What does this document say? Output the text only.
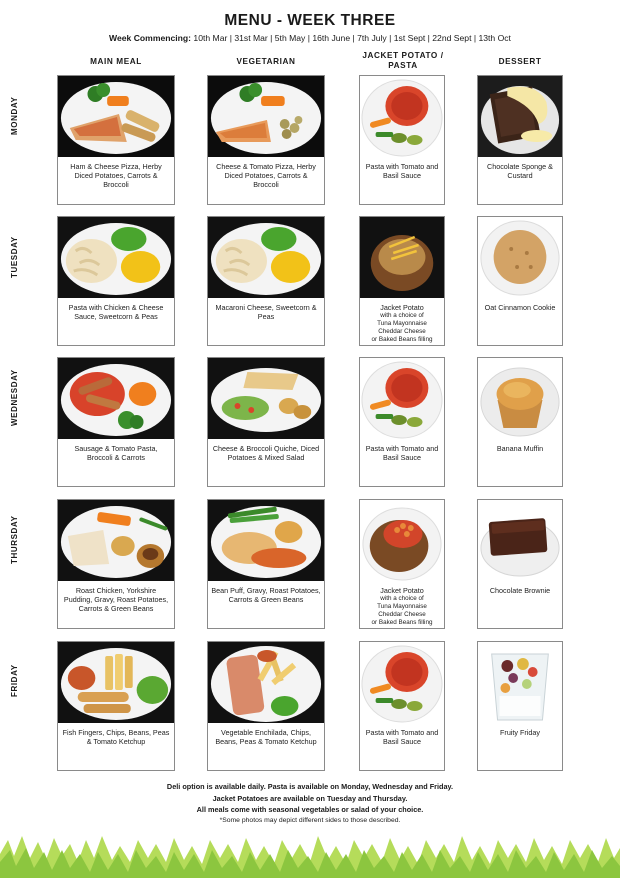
MENU - WEEK THREE
Week Commencing: 10th Mar | 31st Mar | 5th May | 16th June | 7th July | 1st Sept | 22nd Sept | 13th Oct
MAIN MEAL	VEGETARIAN
JACKET POTATO / PASTA	DESSERT
MONDAY
TUESDAY
WEDNESDAY
THURSDAY
FRIDAY
Ham & Cheese Pizza, Herby Diced Potatoes, Carrots & Broccoli
Cheese & Tomato Pizza, Herby Diced Potatoes, Carrots & Broccoli
Pasta with Tomato and Basil Sauce
Chocolate Sponge & Custard
Pasta with Chicken & Cheese Sauce, Sweetcorn & Peas
Macaroni Cheese, Sweetcorn & Peas
Jacket Potato
with a choice of
Tuna Mayonnaise
Cheddar Cheese
or Baked Beans filling
Oat Cinnamon Cookie
Sausage & Tomato Pasta, Broccoli & Carrots
Cheese & Broccoli Quiche, Diced Potatoes & Mixed Salad
Pasta with Tomato and Basil Sauce
Banana Muffin
Roast Chicken, Yorkshire Pudding, Gravy, Roast Potatoes, Carrots & Green Beans
Bean Puff, Gravy, Roast Potatoes, Carrots & Green Beans
Jacket Potato
with a choice of
Tuna Mayonnaise
Cheddar Cheese
or Baked Beans filling
Chocolate Brownie
Fish Fingers, Chips, Beans, Peas & Tomato Ketchup
Vegetable Enchilada, Chips, Beans, Peas & Tomato Ketchup
Pasta with Tomato and Basil Sauce
Fruity Friday
Deli option is available daily. Pasta is available on Monday, Wednesday and Friday.
Jacket Potatoes are available on Tuesday and Thursday.
All meals come with seasonal vegetables or salad of your choice.
*Some photos may depict different sides to those described.
